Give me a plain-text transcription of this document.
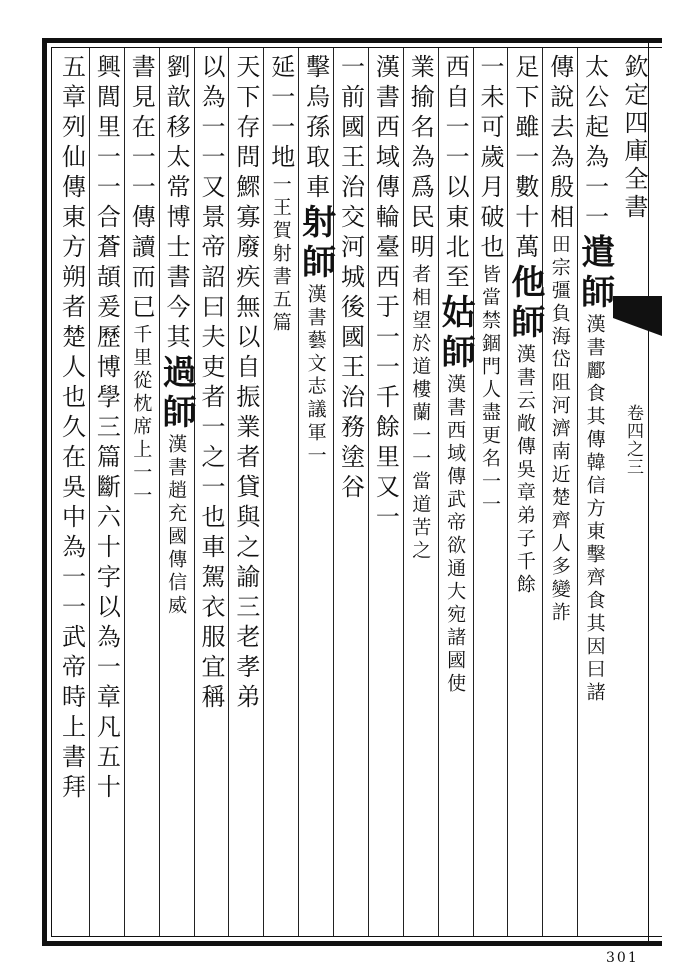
欽定四庫全書
卷四之三
太公起為一一遣師漢書酈食其傳韓信方東擊齊食其因曰諸
傳說去為殷相田宗彊負海岱阻河濟南近楚齊人多變詐
足下雖一數十萬他師漢書云敞傳吳章弟子千餘
一未可歲月破也皆當禁錮門人盡更名一一
西自一一以東北至姑師漢書西域傳武帝欲通大宛諸國使
業揄名為爲民明者相望於道樓蘭一一當道苦之
漢書西域傳輪臺西于一一千餘里又一
一前國王治交河城後國王治務塗谷
擊烏孫取車射師漢書藝文志議軍一
延一一地一王賀射書五篇
天下存問鰥寡廢疾無以自振業者貸與之諭三老孝弟
以為一一又景帝詔曰夫吏者一之一也車駕衣服宜稱
劉歆移太常博士書今其過師漢書趙充國傳信威
書見在一一傳讀而已千里從枕席上一一
興閭里一一合蒼頡爰歷博學三篇斷六十字以為一章凡五十
五章列仙傳東方朔者楚人也久在吳中為一一武帝時上書拜
301
